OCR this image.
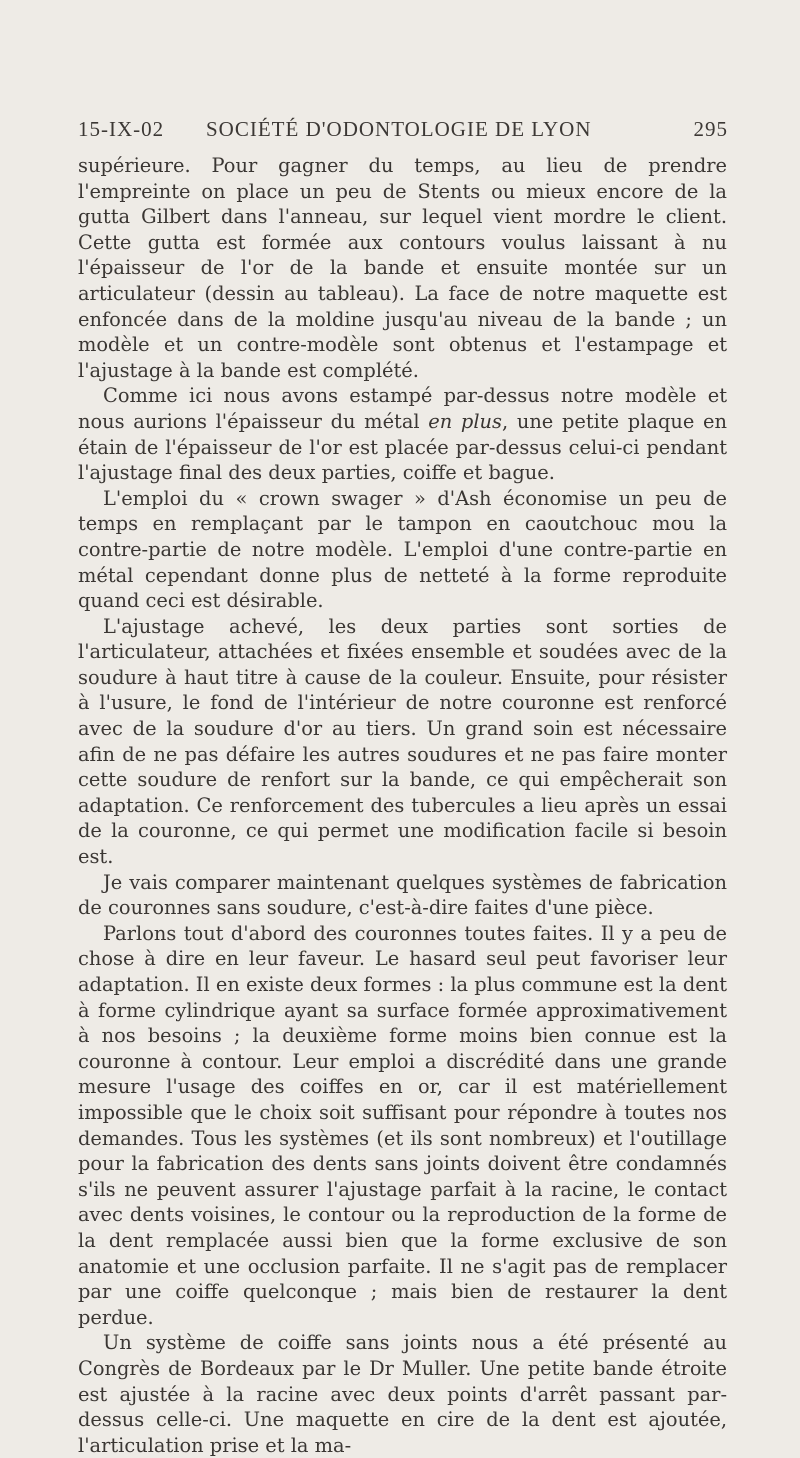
15-IX-02 SOCIÉTÉ D'ODONTOLOGIE DE LYON	295

supérieure. Pour gagner du temps, au lieu de prendre l'empreinte on place un peu de Stents ou mieux encore de la gutta Gilbert dans l'anneau, sur lequel vient mordre le client. Cette gutta est formée aux contours voulus laissant à nu l'épaisseur de l'or de la bande et ensuite montée sur un articulateur (dessin au tableau). La face de notre maquette est enfoncée dans de la moldine jusqu'au niveau de la bande ; un modèle et un contre-modèle sont obtenus et l'estampage et l'ajustage à la bande est complété.

Comme ici nous avons estampé par-dessus notre modèle et nous aurions l'épaisseur du métal en plus, une petite plaque en étain de l'épaisseur de l'or est placée par-dessus celui-ci pendant l'ajustage final des deux parties, coiffe et bague.

L'emploi du « crown swager » d'Ash économise un peu de temps en remplaçant par le tampon en caoutchouc mou la contre-partie de notre modèle. L'emploi d'une contre-partie en métal cependant donne plus de netteté à la forme reproduite quand ceci est désirable.

L'ajustage achevé, les deux parties sont sorties de l'articulateur, attachées et fixées ensemble et soudées avec de la soudure à haut titre à cause de la couleur. Ensuite, pour résister à l'usure, le fond de l'intérieur de notre couronne est renforcé avec de la soudure d'or au tiers. Un grand soin est nécessaire afin de ne pas défaire les autres soudures et ne pas faire monter cette soudure de renfort sur la bande, ce qui empêcherait son adaptation. Ce renforcement des tubercules a lieu après un essai de la couronne, ce qui permet une modification facile si besoin est.

Je vais comparer maintenant quelques systèmes de fabrication de couronnes sans soudure, c'est-à-dire faites d'une pièce.

Parlons tout d'abord des couronnes toutes faites. Il y a peu de chose à dire en leur faveur. Le hasard seul peut favoriser leur adaptation. Il en existe deux formes : la plus commune est la dent à forme cylindrique ayant sa surface formée approximativement à nos besoins ; la deuxième forme moins bien connue est la couronne à contour. Leur emploi a discrédité dans une grande mesure l'usage des coiffes en or, car il est matériellement impossible que le choix soit suffisant pour répondre à toutes nos demandes. Tous les systèmes (et ils sont nombreux) et l'outillage pour la fabrication des dents sans joints doivent être condamnés s'ils ne peuvent assurer l'ajustage parfait à la racine, le contact avec dents voisines, le contour ou la reproduction de la forme de la dent remplacée aussi bien que la forme exclusive de son anatomie et une occlusion parfaite. Il ne s'agit pas de remplacer par une coiffe quelconque ; mais bien de restaurer la dent perdue.

Un système de coiffe sans joints nous a été présenté au Congrès de Bordeaux par le Dr Muller. Une petite bande étroite est ajustée à la racine avec deux points d'arrêt passant par-dessus celle-ci. Une maquette en cire de la dent est ajoutée, l'articulation prise et la ma-
